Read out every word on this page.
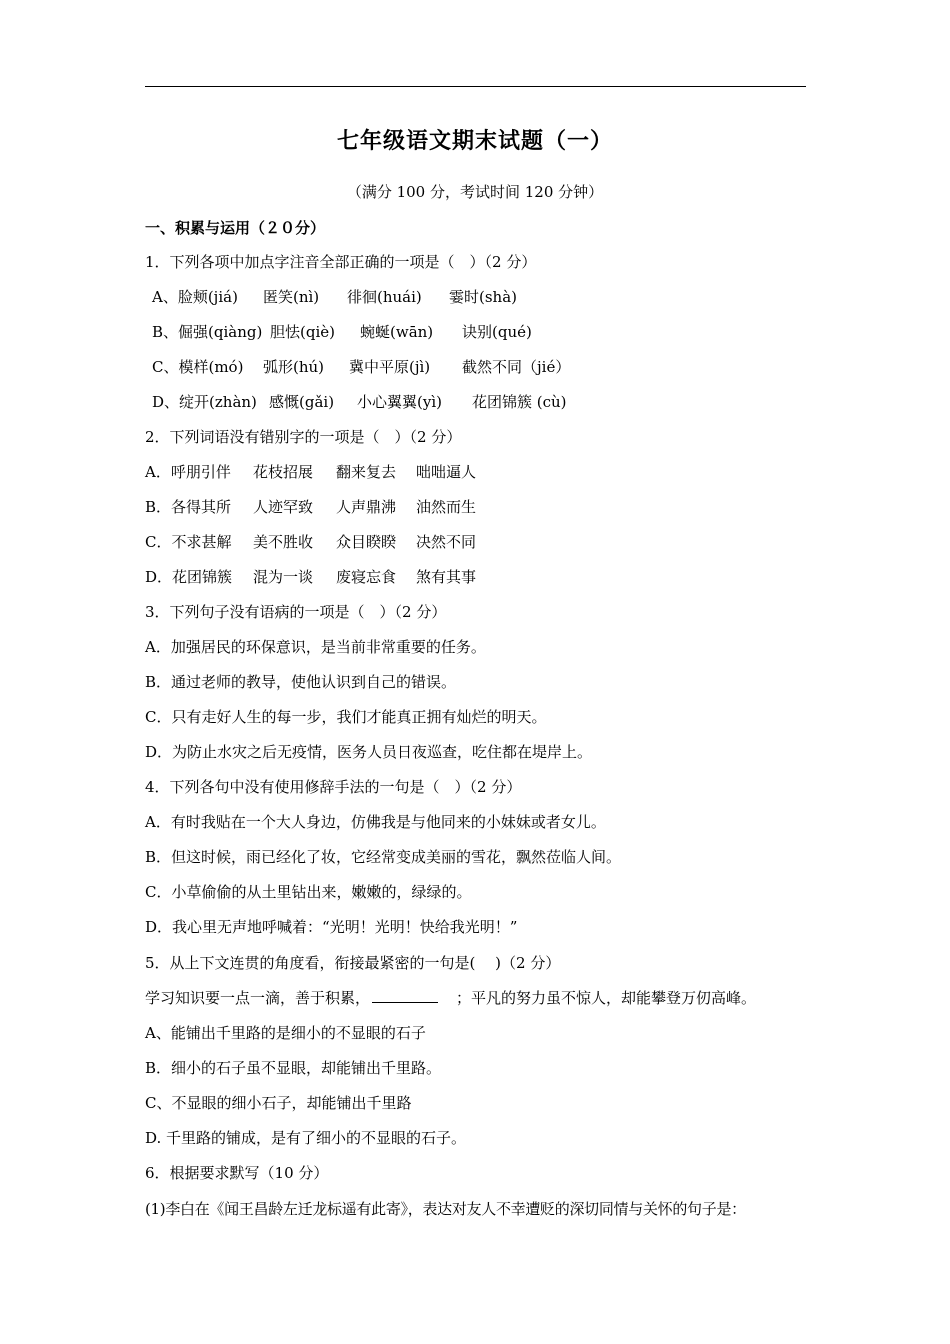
七年级语文期末试题（一）
（满分 100 分，考试时间 120 分钟）
一、积累与运用（２０分）
1．下列各项中加点字注音全部正确的一项是（　）（2 分）
A、脸颊(jiá) 匿笑(nì) 徘徊(huái) 霎时(shà)
B、倔强(qiàng) 胆怯(qiè) 蜿蜒(wān) 诀别(qué)
C、模样(mó) 弧形(hú) 冀中平原(jì) 截然不同（jié）
D、绽开(zhàn) 感慨(gǎi) 小心翼翼(yì) 花团锦簇 (cù)
2．下列词语没有错别字的一项是（　）（2 分）
A．呼朋引伴 花枝招展 翻来复去 咄咄逼人
B．各得其所 人迹罕致 人声鼎沸 油然而生
C．不求甚解 美不胜收 众目睽睽 决然不同
D．花团锦簇 混为一谈 废寝忘食 煞有其事
3．下列句子没有语病的一项是（　）（2 分）
A．加强居民的环保意识，是当前非常重要的任务。
B．通过老师的教导，使他认识到自己的错误。
C．只有走好人生的每一步，我们才能真正拥有灿烂的明天。
D．为防止水灾之后无疫情，医务人员日夜巡查，吃住都在堤岸上。
4．下列各句中没有使用修辞手法的一句是（　）（2 分）
A．有时我贴在一个大人身边，仿佛我是与他同来的小妹妹或者女儿。
B．但这时候，雨已经化了妆，它经常变成美丽的雪花，飘然莅临人间。
C．小草偷偷的从土里钻出来，嫩嫩的，绿绿的。
D．我心里无声地呼喊着：“光明！光明！快给我光明！”
5．从上下文连贯的角度看，衔接最紧密的一句是(　 )（2 分）
学习知识要一点一滴，善于积累，	；平凡的努力虽不惊人，却能攀登万仞高峰。
A、能铺出千里路的是细小的不显眼的石子
B．细小的石子虽不显眼，却能铺出千里路。
C、不显眼的细小石子，却能铺出千里路
D. 千里路的铺成，是有了细小的不显眼的石子。
6．根据要求默写（10 分）
(1)李白在《闻王昌龄左迁龙标遥有此寄》，表达对友人不幸遭贬的深切同情与关怀的句子是：
